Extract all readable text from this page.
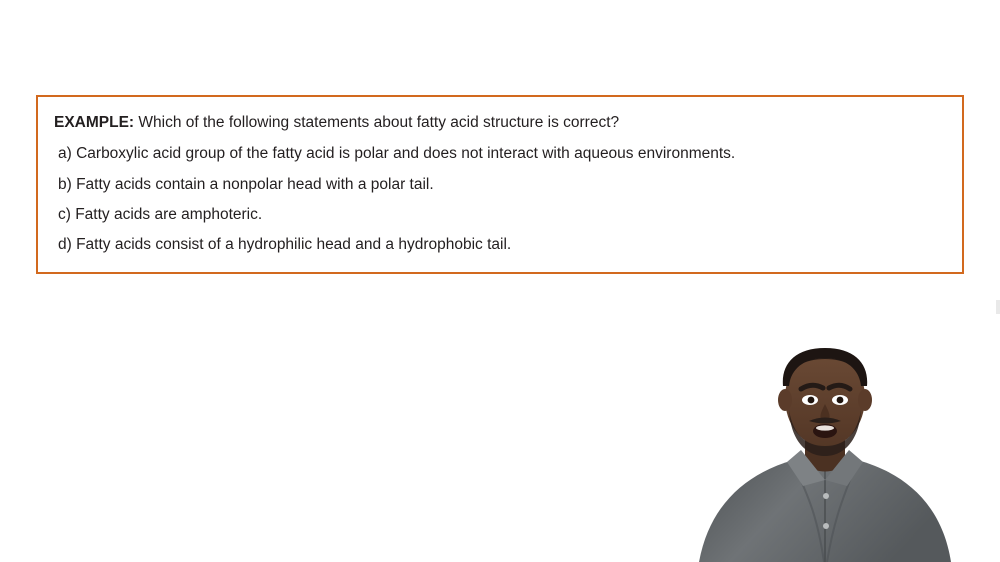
EXAMPLE: Which of the following statements about fatty acid structure is correct?

a) Carboxylic acid group of the fatty acid is polar and does not interact with aqueous environments.

b) Fatty acids contain a nonpolar head with a polar tail.

c) Fatty acids are amphoteric.

d) Fatty acids consist of a hydrophilic head and a hydrophobic tail.
